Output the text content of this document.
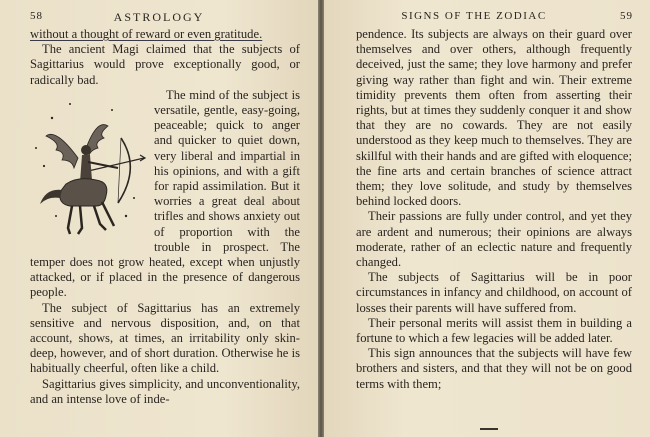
58	ASTROLOGY

without a thought of reward or even gratitude.

The ancient Magi claimed that the subjects of Sagittarius would prove exceptionally good, or radically bad.

The mind of the subject is versatile, gentle, easy-going, peaceable; quick to anger and quicker to quiet down, very liberal and impartial in his opinions, and with a gift for rapid assimilation. But it worries a great deal about trifles and shows anxiety out of proportion with the trouble in prospect. The temper does not grow heated, except when unjustly attacked, or if placed in the presence of dangerous people.

The subject of Sagittarius has an extremely sensitive and nervous disposition, and, on that account, shows, at times, an irritability only skin-deep, however, and of short duration. Otherwise he is habitually cheerful, often like a child.

Sagittarius gives simplicity, and unconventionality, and an intense love of inde-

SIGNS OF THE ZODIAC	59

pendence. Its subjects are always on their guard over themselves and over others, although frequently deceived, just the same; they love harmony and prefer giving way rather than fight and win. Their extreme timidity prevents them often from asserting their rights, but at times they suddenly conquer it and show that they are no cowards. They are not easily understood as they keep much to themselves. They are skillful with their hands and are gifted with eloquence; the fine arts and certain branches of science attract them; they love solitude, and study by themselves behind locked doors.

Their passions are fully under control, and yet they are ardent and numerous; their opinions are always moderate, rather of an eclectic nature and frequently changed.

The subjects of Sagittarius will be in poor circumstances in infancy and childhood, on account of losses their parents will have suffered from.

Their personal merits will assist them in building a fortune to which a few legacies will be added later.

This sign announces that the subjects will have few brothers and sisters, and that they will not be on good terms with them;
